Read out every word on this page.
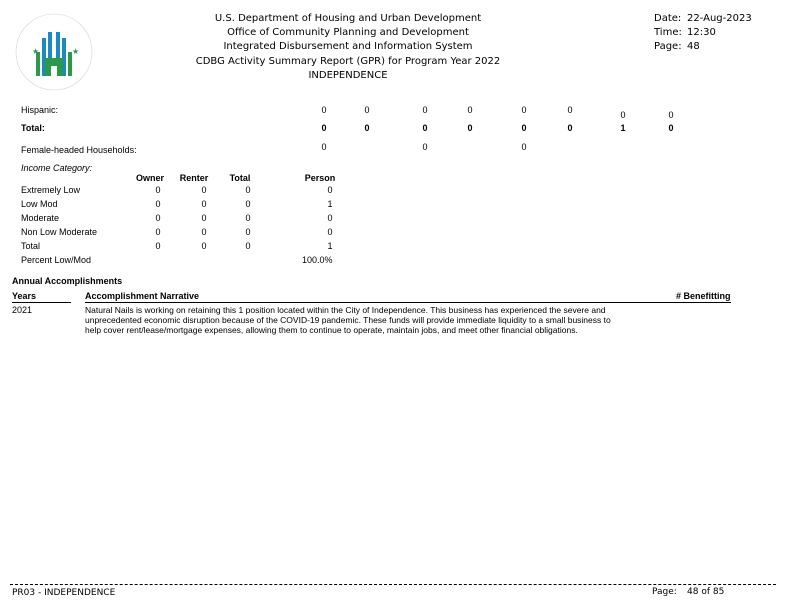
★	★
U.S. Department of Housing and Urban Development
Office of Community Planning and Development
Integrated Disbursement and Information System
CDBG Activity Summary Report (GPR) for Program Year 2022
INDEPENDENCE
Date: 22-Aug-2023
Time: 12:30
Page: 48
Hispanic:	0	0	0	0	0	0	0	0
Total:	0	0	0	0	0	0	1	0
Female-headed Households:	0	0	0
Income Category:
Owner	Renter	Total	Person
Extremely Low	0	0	0	0
Low Mod	0	0	0	1
Moderate	0	0	0	0
Non Low Moderate	0	0	0	0
Total	0	0	0	1
Percent Low/Mod	100.0%
Annual Accomplishments
Years	Accomplishment Narrative	# Benefitting
2021	Natural Nails is working on retaining this 1 position located within the City of Independence. This business has experienced the severe and
unprecedented economic disruption because of the COVID-19 pandemic. These funds will provide immediate liquidity to a small business to
help cover rent/lease/mortgage expenses, allowing them to continue to operate, maintain jobs, and meet other financial obligations.
PR03 - INDEPENDENCE	Page: 48 of 85
